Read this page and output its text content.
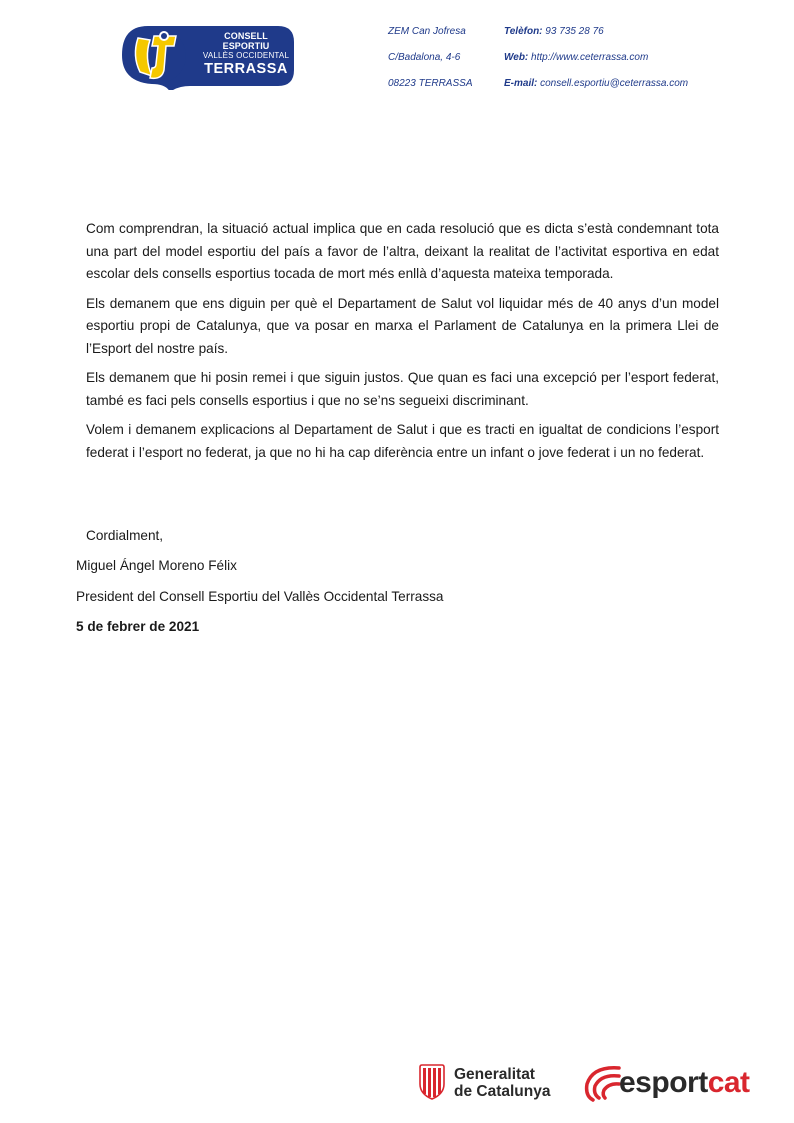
CONSELL ESPORTIU
VALLÈS OCCIDENTAL
TERRASSA
ZEM Can Jofresa	Telèfon: 93 735 28 76
C/Badalona, 4-6	Web: http://www.ceterrassa.com
08223 TERRASSA	E-mail: consell.esportiu@ceterrassa.com

Com comprendran, la situació actual implica que en cada resolució que es dicta s’està condemnant tota una part del model esportiu del país a favor de l’altra, deixant la realitat de l’activitat esportiva en edat escolar dels consells esportius tocada de mort més enllà d’aquesta mateixa temporada.

Els demanem que ens diguin per què el Departament de Salut vol liquidar més de 40 anys d’un model esportiu propi de Catalunya, que va posar en marxa el Parlament de Catalunya en la primera Llei de l’Esport del nostre país.

Els demanem que hi posin remei i que siguin justos. Que quan es faci una excepció per l’esport federat, també es faci pels consells esportius i que no se’ns segueixi discriminant.

Volem i demanem explicacions al Departament de Salut i que es tracti en igualtat de condicions l’esport federat i l’esport no federat, ja que no hi ha cap diferència entre un infant o jove federat i un no federat.

Cordialment,
Miguel Ángel Moreno Félix
President del Consell Esportiu del Vallès Occidental Terrassa
5 de febrer de 2021
Generalitat
de Catalunya esportcat
